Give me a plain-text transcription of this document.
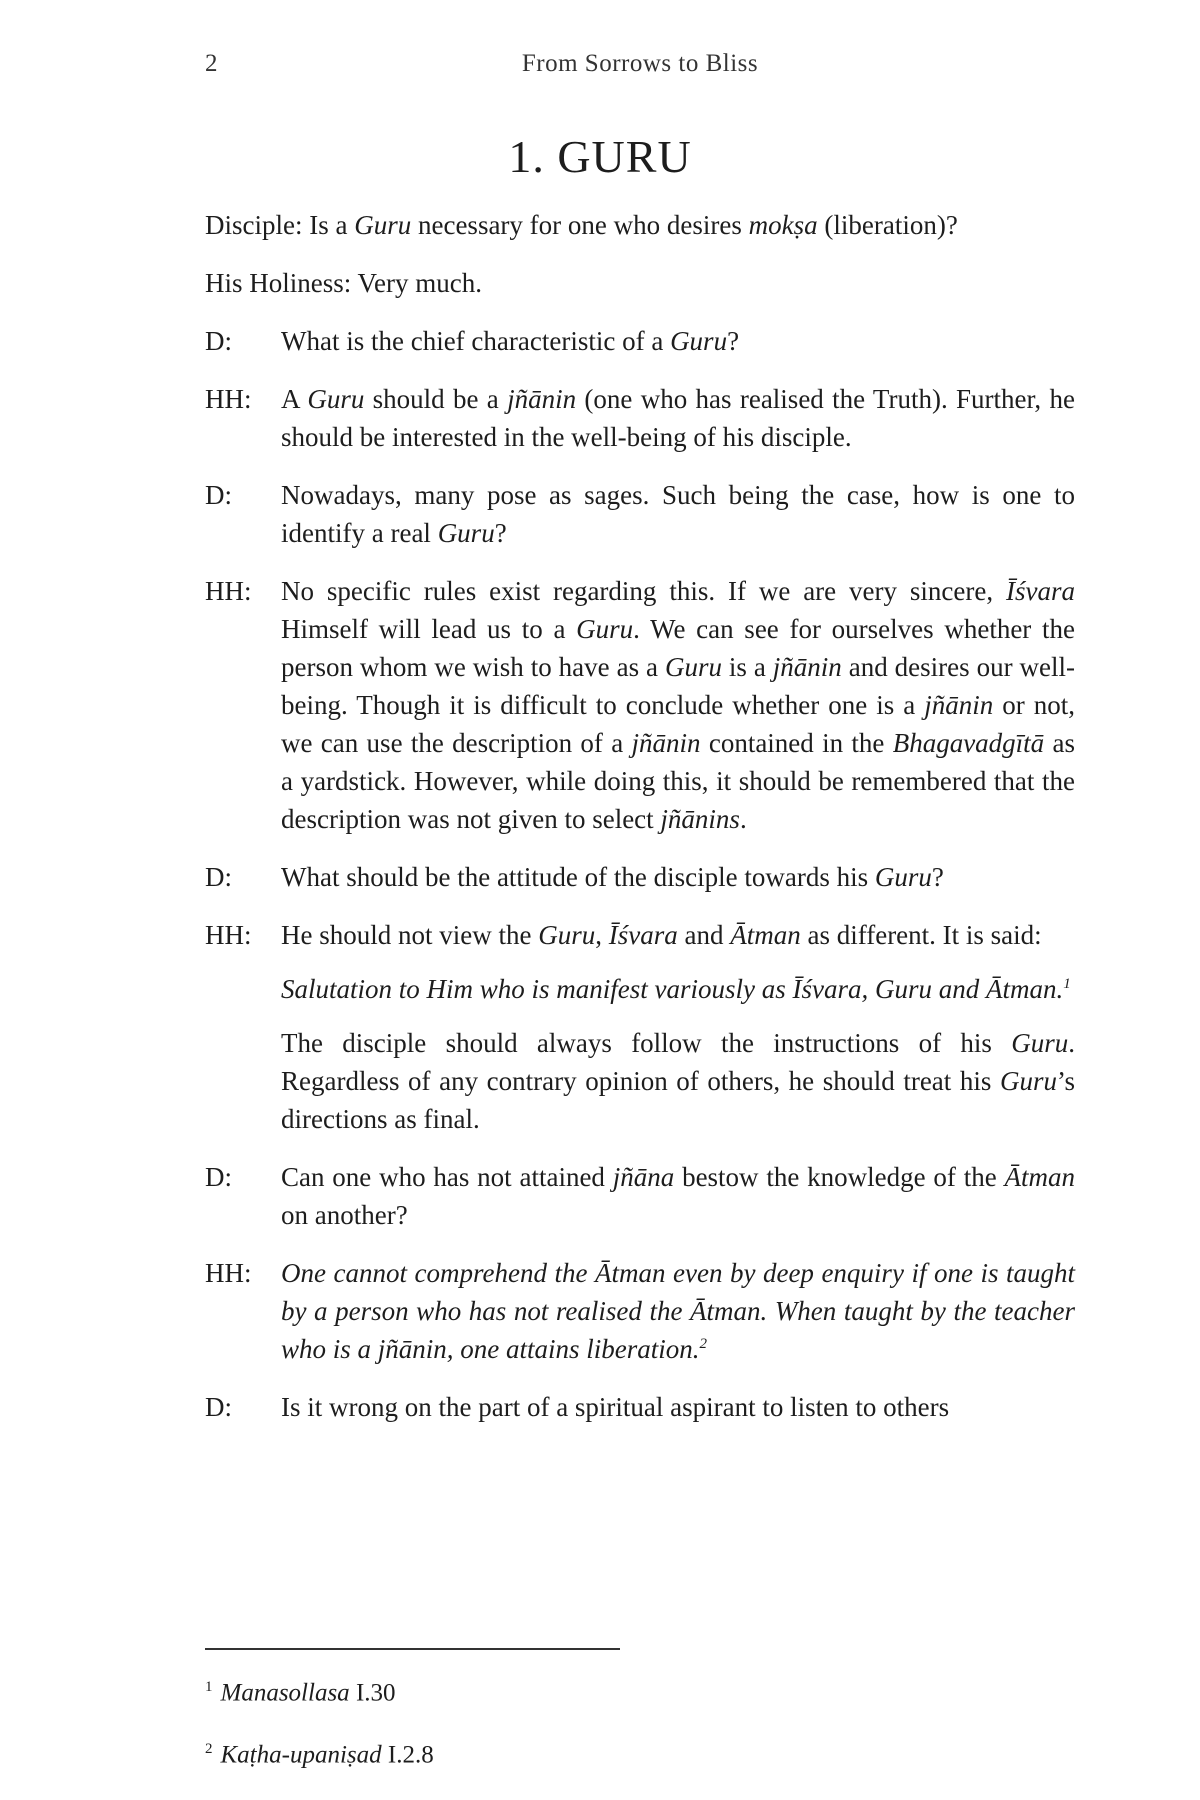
2	From Sorrows to Bliss
1. GURU

Disciple: Is a Guru necessary for one who desires mokṣa (liberation)?

His Holiness: Very much.

D:	What is the chief characteristic of a Guru?

HH:	A Guru should be a jñānin (one who has realised the Truth). Further, he should be interested in the well-being of his disciple.

D:	Nowadays, many pose as sages. Such being the case, how is one to identify a real Guru?

HH:	No specific rules exist regarding this. If we are very sincere, Īśvara Himself will lead us to a Guru. We can see for ourselves whether the person whom we wish to have as a Guru is a jñānin and desires our well-being. Though it is difficult to conclude whether one is a jñānin or not, we can use the description of a jñānin contained in the Bhagavadgītā as a yardstick. However, while doing this, it should be remembered that the description was not given to select jñānins.

D:	What should be the attitude of the disciple towards his Guru?

HH:	He should not view the Guru, Īśvara and Ātman as different. It is said:

Salutation to Him who is manifest variously as Īśvara, Guru and Ātman.$^1$

The disciple should always follow the instructions of his Guru. Regardless of any contrary opinion of others, he should treat his Guru’s directions as final.

D:	Can one who has not attained jñāna bestow the knowledge of the Ātman on another?

HH:	One cannot comprehend the Ātman even by deep enquiry if one is taught by a person who has not realised the Ātman. When taught by the teacher who is a jñānin, one attains liberation.$^2$

D:	Is it wrong on the part of a spiritual aspirant to listen to others

$^1$ Manasollasa I.30

$^2$ Kaṭha-upaniṣad I.2.8
